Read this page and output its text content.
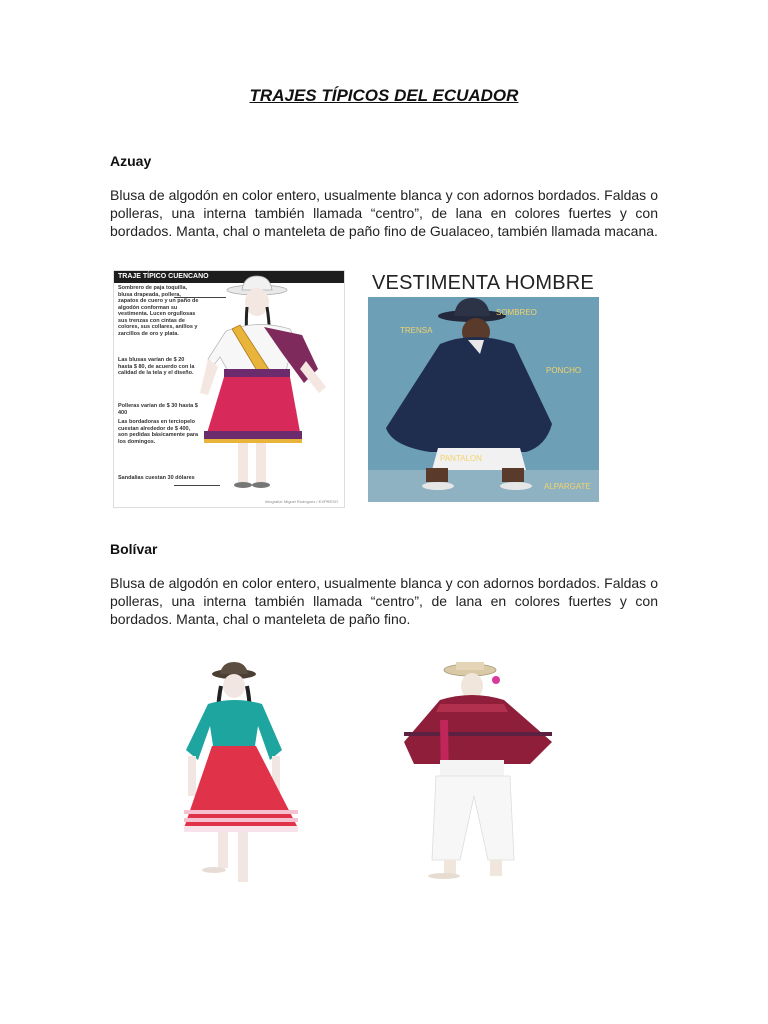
TRAJES TÍPICOS DEL ECUADOR
Azuay
Blusa de algodón en color entero, usualmente blanca y con adornos bordados. Faldas o polleras, una interna también llamada “centro”, de lana en colores fuertes y con bordados. Manta, chal o manteleta de paño fino de Gualaceo, también llamada macana.
TRAJE TÍPICO CUENCANO
Sombrero de paja toquilla, blusa drapeada, pollera, zapatos de cuero y un paño de algodón conforman su vestimenta. Lucen orgullosas sus trenzas con cintas de colores, sus collares, anillos y zarcillos de oro y plata.
Las blusas varían de $ 20 hasta $ 80, de acuerdo con la calidad de la tela y el diseño.
Polleras varían de $ 30 hasta $ 400
Las bordadoras en terciopelo cuestan alrededor de $ 400, son pedidas básicamente para los domingos.
Sandalias cuestan 30 dólares
Infografía: Miguel Rodríguez / EXPRESO
VESTIMENTA HOMBRE
SOMBREO
TRENSA
PONCHO
PANTALON
ALPARGATE
Bolívar
Blusa de algodón en color entero, usualmente blanca y con adornos bordados. Faldas o polleras, una interna también llamada “centro”, de lana en colores fuertes y con bordados. Manta, chal o manteleta de paño fino.
